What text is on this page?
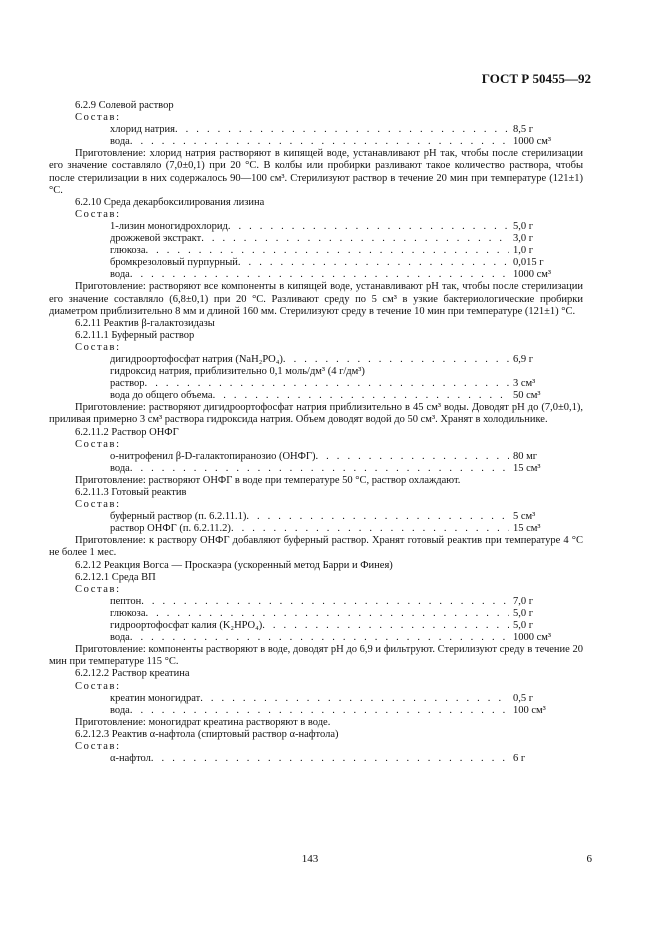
ГОСТ Р 50455—92

6.2.9 Солевой раствор

Состав:

хлорид натрия . . .	8,5 г
вода . . .	1000 см³

Приготовление: хлорид натрия растворяют в кипящей воде, устанавливают pH так, чтобы после стерилизации его значение составляло (7,0±0,1) при 20 °С. В колбы или пробирки разливают такое количество раствора, чтобы после стерилизации в них содержалось 90—100 см³. Стерилизуют раствор в течение 20 мин при температуре (121±1) °С.

6.2.10 Среда декарбоксилирования лизина

Состав:

1-лизин моногидрохлорид . . .	5,0 г
дрожжевой экстракт . . .	3,0 г
глюкоза . . .	1,0 г
бромкрезоловый пурпурный . . .	0,015 г
вода . . .	1000 см³

Приготовление: растворяют все компоненты в кипящей воде, устанавливают pH так, чтобы после стерилизации его значение составляло (6,8±0,1) при 20 °С. Разливают среду по 5 см³ в узкие бактериологические пробирки диаметром приблизительно 8 мм и длиной 160 мм. Стерилизуют среду в течение 10 мин при температуре (121±1) °С.

6.2.11 Реактив β-галактозидазы

6.2.11.1 Буферный раствор

Состав:

дигидроортофосфат натрия (NaH₂PO₄) . . .	6,9 г
гидроксид натрия, приблизительно 0,1 моль/дм³ (4 г/дм³)
раствор . . .	3 см³
вода до общего объема . . .	50 см³

Приготовление: растворяют дигидроортофосфат натрия приблизительно в 45 см³ воды. Доводят pH до (7,0±0,1), приливая примерно 3 см³ раствора гидроксида натрия. Объем доводят водой до 50 см³. Хранят в холодильнике.

6.2.11.2 Раствор ОНФГ

Состав:

о-нитрофенил β-D-галактопиранозио (ОНФГ) . . .	80 мг
вода . . .	15 см³

Приготовление: растворяют ОНФГ в воде при температуре 50 °С, раствор охлаждают.

6.2.11.3 Готовый реактив

Состав:

буферный раствор (п. 6.2.11.1) . . .	5 см³
раствор ОНФГ (п. 6.2.11.2) . . .	15 см³

Приготовление: к раствору ОНФГ добавляют буферный раствор. Хранят готовый реактив при температуре 4 °С не более 1 мес.

6.2.12 Реакция Вогса — Проскаэра (ускоренный метод Барри и Финея)

6.2.12.1 Среда ВП

Состав:

пептон . . .	7,0 г
глюкоза . . .	5,0 г
гидроортофосфат калия (K₂HPO₄) . . .	5,0 г
вода . . .	1000 см³

Приготовление: компоненты растворяют в воде, доводят pH до 6,9 и фильтруют. Стерилизуют среду в течение 20 мин при температуре 115 °С.

6.2.12.2 Раствор креатина

Состав:

креатин моногидрат . . .	0,5 г
вода . . .	100 см³

Приготовление: моногидрат креатина растворяют в воде.

6.2.12.3 Реактив α-нафтола (спиртовый раствор α-нафтола)

Состав:

α-нафтол . . .	6 г
143	6
